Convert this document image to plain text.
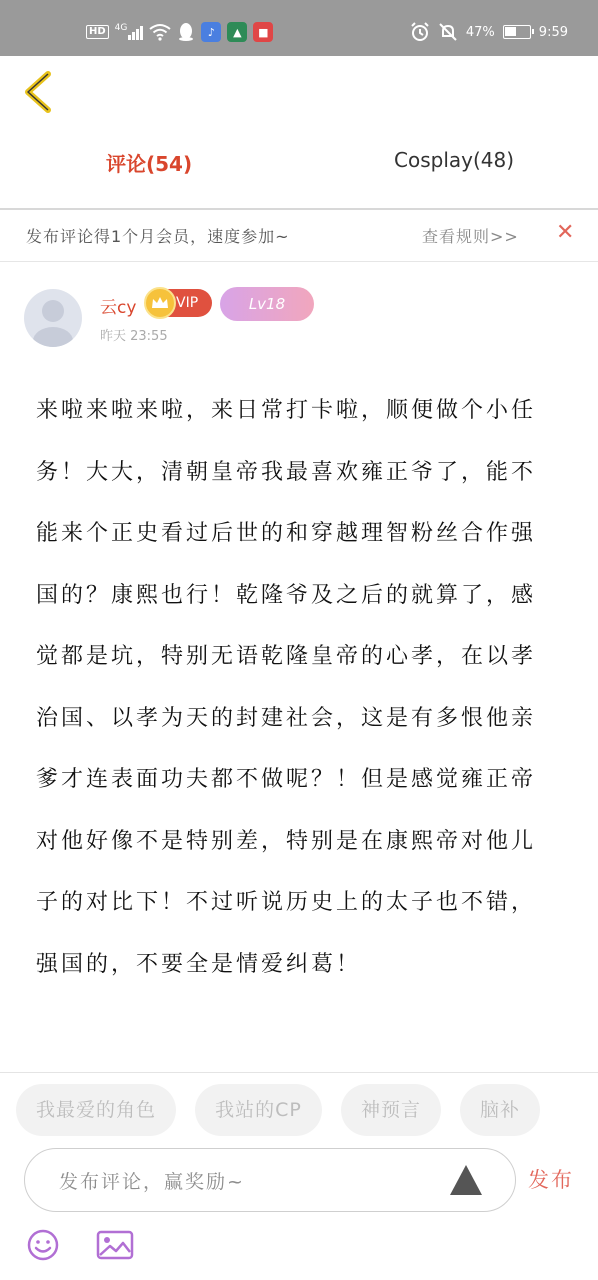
HD	4G	♪	▲	■	47%	9:59
评论(54)	Cosplay(48)
发布评论得1个月会员，速度参加~	查看规则>> ✕
云cy	VIP	Lv18
昨天 23:55
来啦来啦来啦，来日常打卡啦，顺便做个小任务！大大，清朝皇帝我最喜欢雍正爷了，能不能来个正史看过后世的和穿越理智粉丝合作强国的？康熙也行！乾隆爷及之后的就算了，感觉都是坑，特别无语乾隆皇帝的心孝，在以孝治国、以孝为天的封建社会，这是有多恨他亲爹才连表面功夫都不做呢？！但是感觉雍正帝对他好像不是特别差，特别是在康熙帝对他儿子的对比下！不过听说历史上的太子也不错，强国的，不要全是情爱纠葛！
我最爱的角色	我站的CP	神预言	脑补
发布评论，赢奖励~	发布
